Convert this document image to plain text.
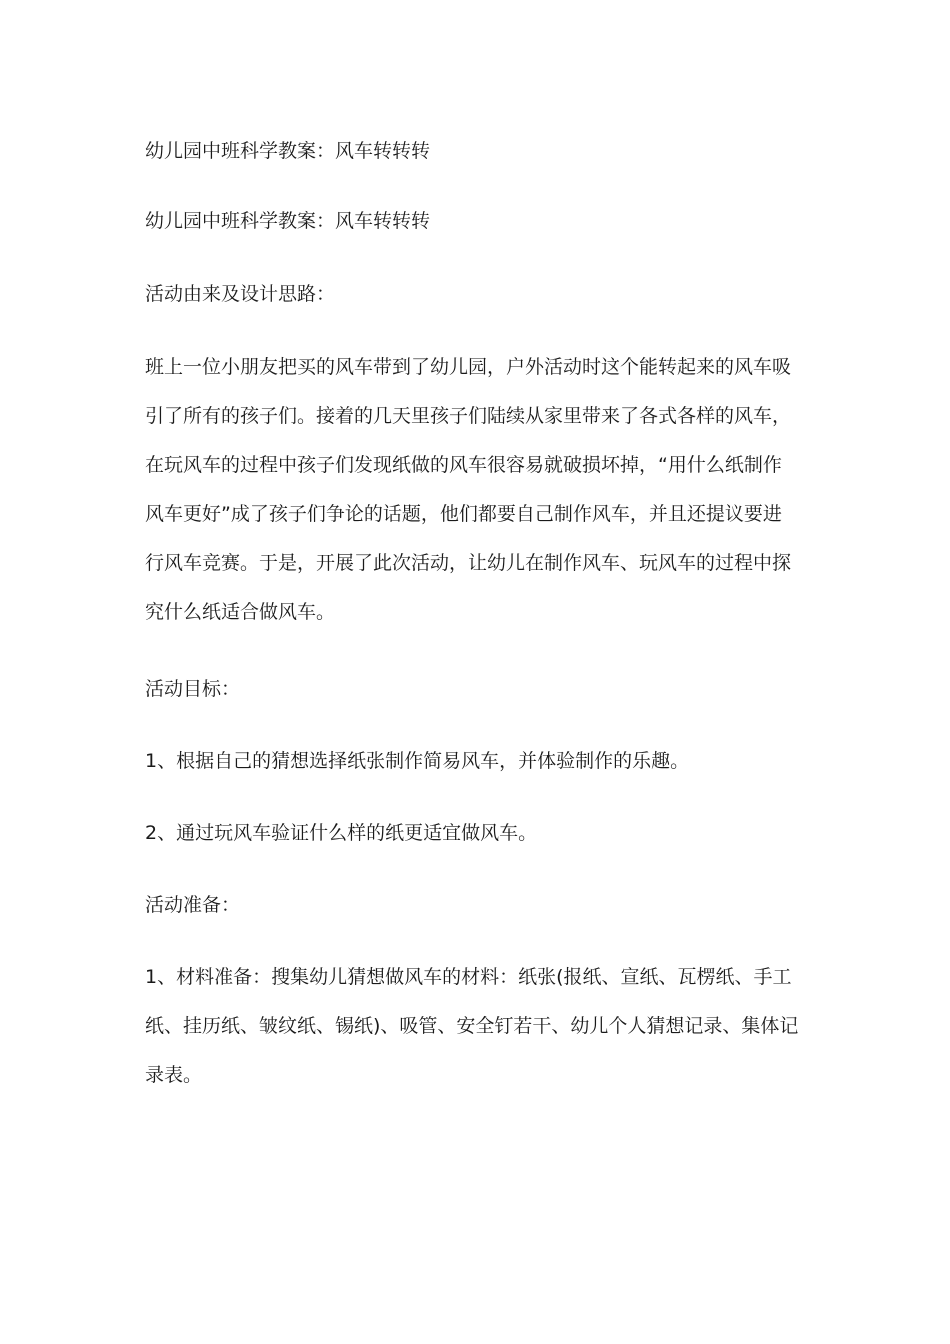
幼儿园中班科学教案：风车转转转

幼儿园中班科学教案：风车转转转

活动由来及设计思路：

班上一位小朋友把买的风车带到了幼儿园，户外活动时这个能转起来的风车吸
引了所有的孩子们。接着的几天里孩子们陆续从家里带来了各式各样的风车，
在玩风车的过程中孩子们发现纸做的风车很容易就破损坏掉，“用什么纸制作
风车更好”成了孩子们争论的话题，他们都要自己制作风车，并且还提议要进
行风车竞赛。于是，开展了此次活动，让幼儿在制作风车、玩风车的过程中探
究什么纸适合做风车。

活动目标：

1、根据自己的猜想选择纸张制作简易风车，并体验制作的乐趣。

2、通过玩风车验证什么样的纸更适宜做风车。

活动准备：

1、材料准备：搜集幼儿猜想做风车的材料：纸张(报纸、宣纸、瓦楞纸、手工
纸、挂历纸、皱纹纸、锡纸)、吸管、安全钉若干、幼儿个人猜想记录、集体记
录表。
